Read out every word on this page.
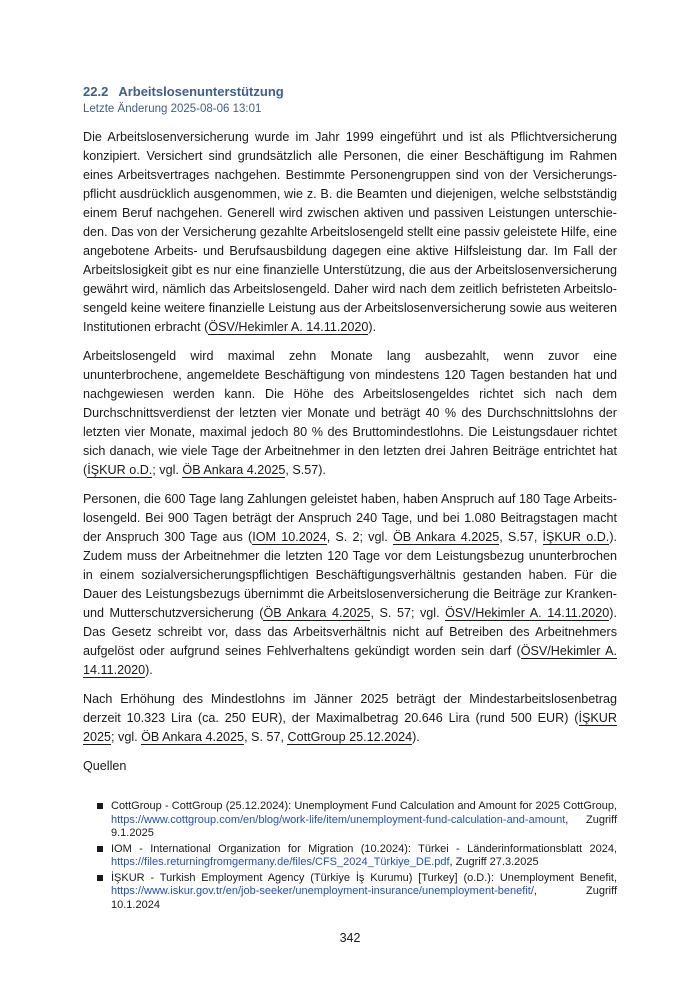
22.2 Arbeitslosenunterstützung
Letzte Änderung 2025-08-06 13:01

Die Arbeitslosenversicherung wurde im Jahr 1999 eingeführt und ist als Pflichtversicherung konzipiert. Versichert sind grundsätzlich alle Personen, die einer Beschäftigung im Rahmen eines Arbeitsvertrages nachgehen. Bestimmte Personengruppen sind von der Versicherungspflicht ausdrücklich ausgenommen, wie z. B. die Beamten und diejenigen, welche selbstständig einem Beruf nachgehen. Generell wird zwischen aktiven und passiven Leistungen unterschieden. Das von der Versicherung gezahlte Arbeitslosengeld stellt eine passiv geleistete Hilfe, eine angebotene Arbeits- und Berufsausbildung dagegen eine aktive Hilfsleistung dar. Im Fall der Arbeitslosigkeit gibt es nur eine finanzielle Unterstützung, die aus der Arbeitslosenversicherung gewährt wird, nämlich das Arbeitslosengeld. Daher wird nach dem zeitlich befristeten Arbeitslosengeld keine weitere finanzielle Leistung aus der Arbeitslosenversicherung sowie aus weiteren Institutionen erbracht (ÖSV/Hekimler A. 14.11.2020).

Arbeitslosengeld wird maximal zehn Monate lang ausbezahlt, wenn zuvor eine ununterbrochene, angemeldete Beschäftigung von mindestens 120 Tagen bestanden hat und nachgewiesen werden kann. Die Höhe des Arbeitslosengeldes richtet sich nach dem Durchschnittsverdienst der letzten vier Monate und beträgt 40 % des Durchschnittslohns der letzten vier Monate, maximal jedoch 80 % des Bruttomindestlohns. Die Leistungsdauer richtet sich danach, wie viele Tage der Arbeitnehmer in den letzten drei Jahren Beiträge entrichtet hat (İŞKUR o.D.; vgl. ÖB Ankara 4.2025, S.57).

Personen, die 600 Tage lang Zahlungen geleistet haben, haben Anspruch auf 180 Tage Arbeitslosengeld. Bei 900 Tagen beträgt der Anspruch 240 Tage, und bei 1.080 Beitragstagen macht der Anspruch 300 Tage aus (IOM 10.2024, S. 2; vgl. ÖB Ankara 4.2025, S.57, İŞKUR o.D.). Zudem muss der Arbeitnehmer die letzten 120 Tage vor dem Leistungsbezug ununterbrochen in einem sozialversicherungspflichtigen Beschäftigungsverhältnis gestanden haben. Für die Dauer des Leistungsbezugs übernimmt die Arbeitslosenversicherung die Beiträge zur Kranken- und Mutterschutzversicherung (ÖB Ankara 4.2025, S. 57; vgl. ÖSV/Hekimler A. 14.11.2020). Das Gesetz schreibt vor, dass das Arbeitsverhältnis nicht auf Betreiben des Arbeitnehmers aufgelöst oder aufgrund seines Fehlverhaltens gekündigt worden sein darf (ÖSV/Hekimler A. 14.11.2020).

Nach Erhöhung des Mindestlohns im Jänner 2025 beträgt der Mindestarbeitslosenbetrag derzeit 10.323 Lira (ca. 250 EUR), der Maximalbetrag 20.646 Lira (rund 500 EUR) (İŞKUR 2025; vgl. ÖB Ankara 4.2025, S. 57, CottGroup 25.12.2024).

Quellen
CottGroup - CottGroup (25.12.2024): Unemployment Fund Calculation and Amount for 2025 CottGroup, https://www.cottgroup.com/en/blog/work-life/item/unemployment-fund-calculation-and-amount, Zugriff 9.1.2025
IOM - International Organization for Migration (10.2024): Türkei - Länderinformationsblatt 2024, https://files.returningfromgermany.de/files/CFS_2024_Türkiye_DE.pdf, Zugriff 27.3.2025
İŞKUR - Turkish Employment Agency (Türkiye İş Kurumu) [Turkey] (o.D.): Unemployment Benefit, https://www.iskur.gov.tr/en/job-seeker/unemployment-insurance/unemployment-benefit/, Zugriff 10.1.2024
342
